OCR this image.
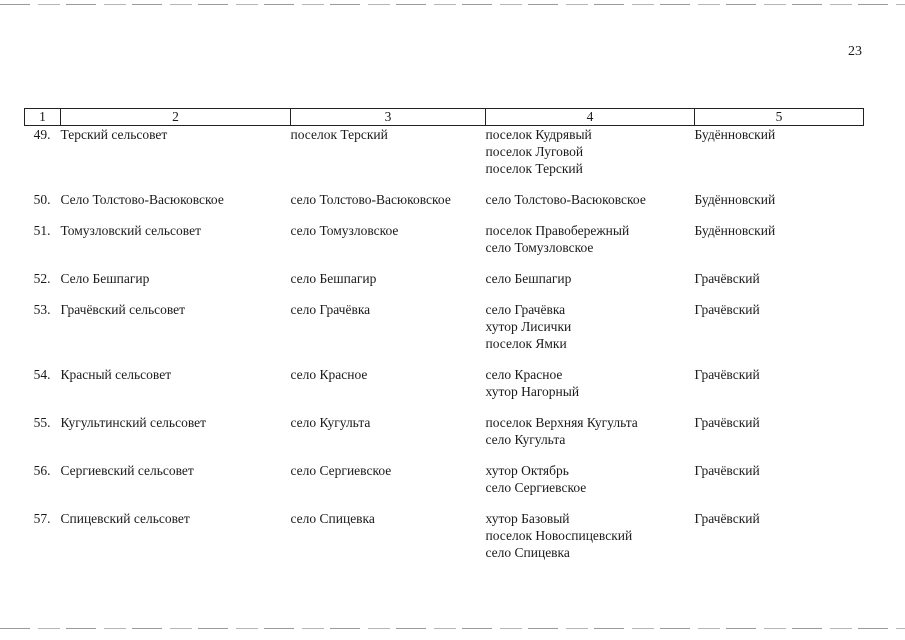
23
1	2	3	4	5
49.	Терский сельсовет	поселок Терский	поселок Кудрявый
поселок Луговой
поселок Терский	Будённовский
50.	Село Толстово-Васюковское	село Толстово-Васюковское	село Толстово-Васюковское	Будённовский
51.	Томузловский сельсовет	село Томузловское	поселок Правобережный
село Томузловское	Будённовский
52.	Село Бешпагир	село Бешпагир	село Бешпагир	Грачёвский
53.	Грачёвский сельсовет	село Грачёвка	село Грачёвка
хутор Лисички
поселок Ямки	Грачёвский
54.	Красный сельсовет	село Красное	село Красное
хутор Нагорный	Грачёвский
55.	Кугультинский сельсовет	село Кугульта	поселок Верхняя Кугульта
село Кугульта	Грачёвский
56.	Сергиевский сельсовет	село Сергиевское	хутор Октябрь
село Сергиевское	Грачёвский
57.	Спицевский сельсовет	село Спицевка	хутор Базовый
поселок Новоспицевский
село Спицевка	Грачёвский
